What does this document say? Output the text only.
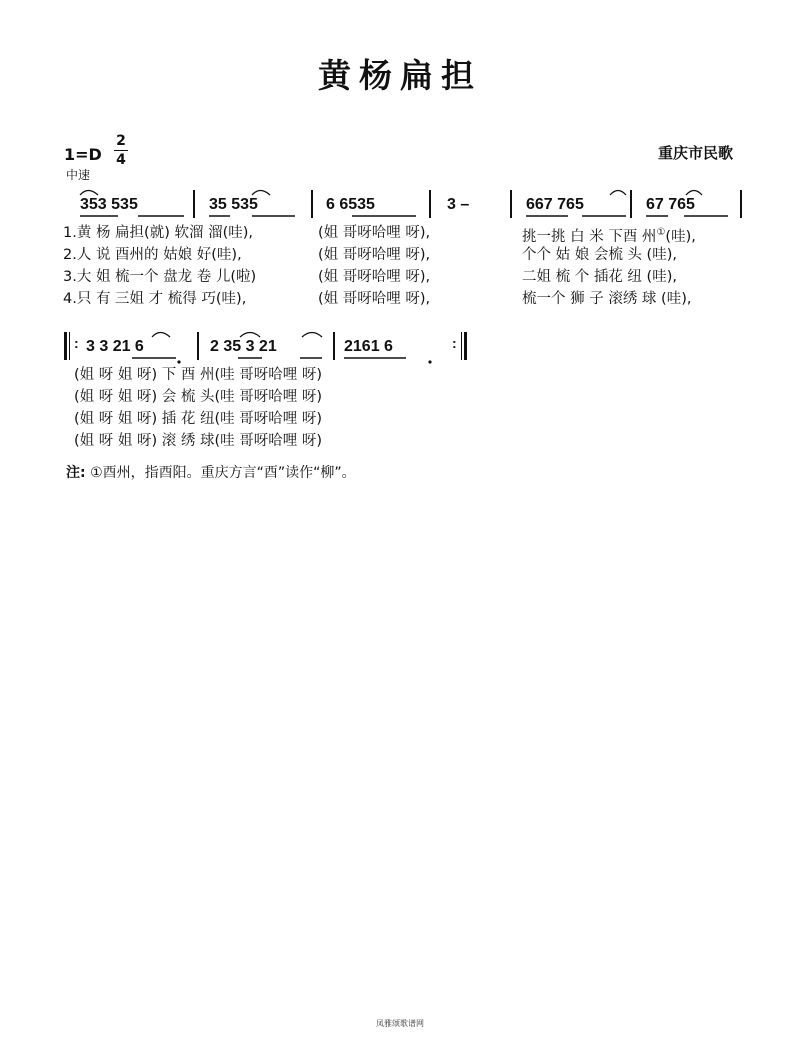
黄杨扁担
1=D
2
4
中速
重庆市民歌
353 535	35 535	6 6535	3 –	667 765	67 765
1.黄 杨 扁担(就) 软溜 溜(哇),	(姐 哥呀哈哩 呀),	挑一挑 白 米 下酉 州①(哇),
2.人 说 酉州的 姑娘 好(哇),	(姐 哥呀哈哩 呀),	个个 姑 娘 会梳 头 (哇),
3.大 姐 梳一个 盘龙 卷 儿(啦)	(姐 哥呀哈哩 呀),	二姐 梳 个 插花 纽 (哇),
4.只 有 三姐 才 梳得 巧(哇),	(姐 哥呀哈哩 呀),	梳一个 狮 子 滚绣 球 (哇),
: 3 3 21 6	2 35 3 21	2161 6	:
(姐 呀 姐 呀) 下 酉 州(哇 哥呀哈哩 呀)
(姐 呀 姐 呀) 会 梳 头(哇 哥呀哈哩 呀)
(姐 呀 姐 呀) 插 花 纽(哇 哥呀哈哩 呀)
(姐 呀 姐 呀) 滚 绣 球(哇 哥呀哈哩 呀)
注: ①酉州，指酉阳。重庆方言“酉”读作“柳”。
凤雅颂歌谱网
